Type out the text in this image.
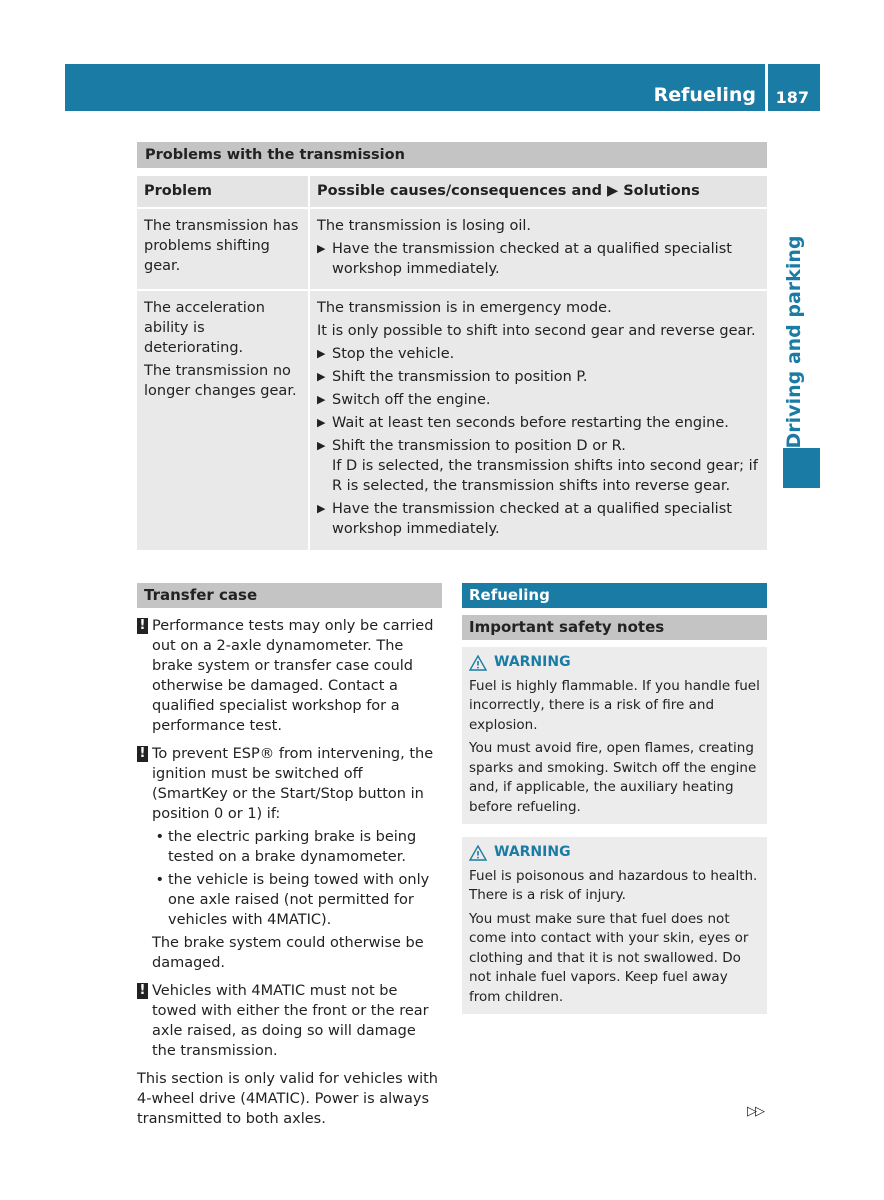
Refueling 187
Driving and parking
Problems with the transmission
Problem	Possible causes/consequences and ▶ Solutions
The transmission has problems shifting gear.
The transmission is losing oil.
▶ Have the transmission checked at a qualified specialist workshop immediately.
The acceleration ability is deteriorating.
The transmission no longer changes gear.
The transmission is in emergency mode.
It is only possible to shift into second gear and reverse gear.
▶ Stop the vehicle.
▶ Shift the transmission to position P.
▶ Switch off the engine.
▶ Wait at least ten seconds before restarting the engine.
▶ Shift the transmission to position D or R.
If D is selected, the transmission shifts into second gear; if R is selected, the transmission shifts into reverse gear.
▶ Have the transmission checked at a qualified specialist workshop immediately.
Transfer case
! Performance tests may only be carried out on a 2-axle dynamometer. The brake system or transfer case could otherwise be damaged. Contact a qualified specialist workshop for a performance test.
! To prevent ESP® from intervening, the ignition must be switched off (SmartKey or the Start/Stop button in position 0 or 1) if:
• the electric parking brake is being tested on a brake dynamometer.
• the vehicle is being towed with only one axle raised (not permitted for vehicles with 4MATIC).
The brake system could otherwise be damaged.
! Vehicles with 4MATIC must not be towed with either the front or the rear axle raised, as doing so will damage the transmission.
This section is only valid for vehicles with 4-wheel drive (4MATIC). Power is always transmitted to both axles.
Refueling
Important safety notes
WARNING
Fuel is highly flammable. If you handle fuel incorrectly, there is a risk of fire and explosion.
You must avoid fire, open flames, creating sparks and smoking. Switch off the engine and, if applicable, the auxiliary heating before refueling.
WARNING
Fuel is poisonous and hazardous to health. There is a risk of injury.
You must make sure that fuel does not come into contact with your skin, eyes or clothing and that it is not swallowed. Do not inhale fuel vapors. Keep fuel away from children.
▷▷
